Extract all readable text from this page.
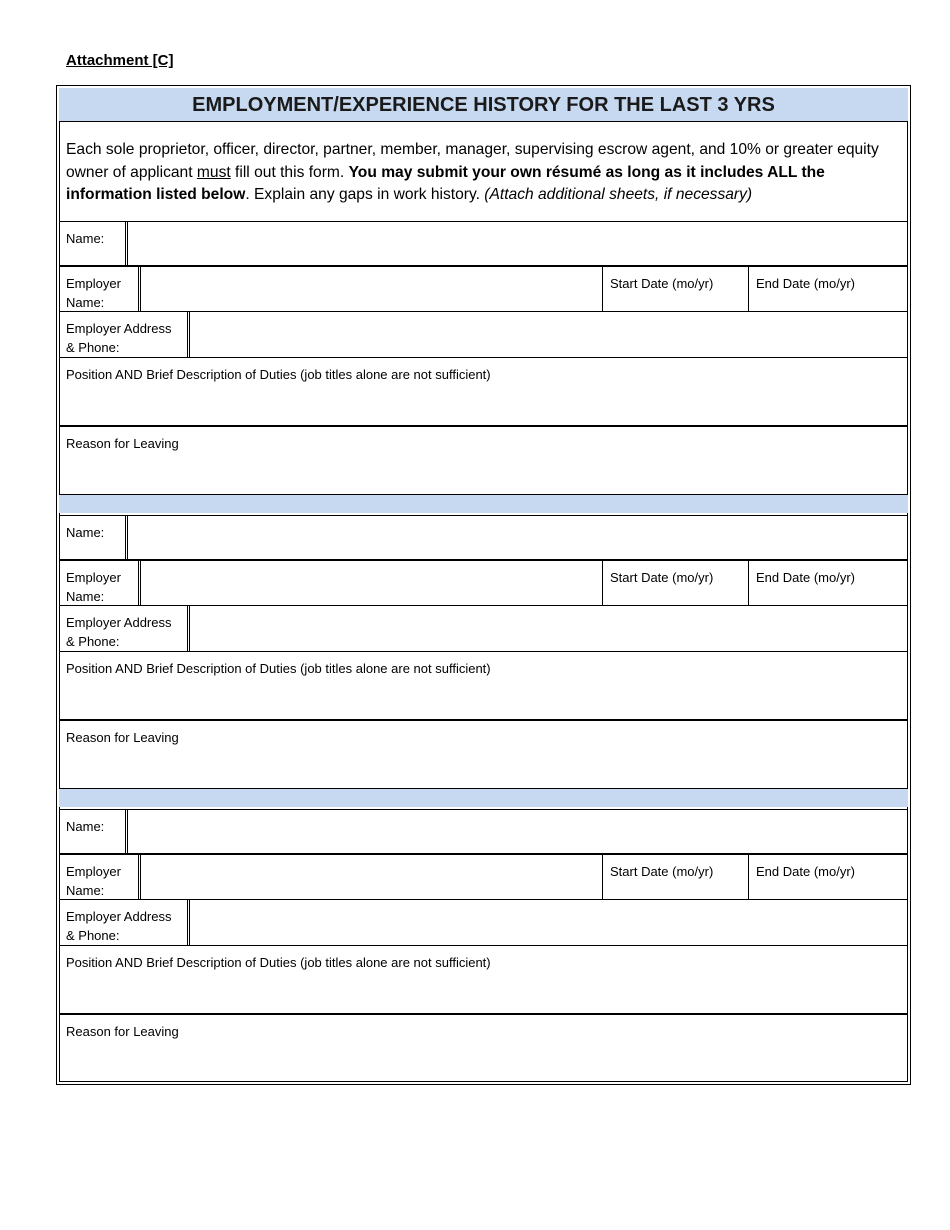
Attachment [C]
EMPLOYMENT/EXPERIENCE HISTORY FOR THE LAST 3 YRS
Each sole proprietor, officer, director, partner, member, manager, supervising escrow agent, and 10% or greater equity owner of applicant must fill out this form. You may submit your own résumé as long as it includes ALL the information listed below. Explain any gaps in work history. (Attach additional sheets, if necessary)
Name:
Employer
Name:
Start Date (mo/yr)	End Date (mo/yr)
Employer Address
& Phone:
Position AND Brief Description of Duties (job titles alone are not sufficient)
Reason for Leaving
Name:
Employer
Name:
Start Date (mo/yr)	End Date (mo/yr)
Employer Address
& Phone:
Position AND Brief Description of Duties (job titles alone are not sufficient)
Reason for Leaving
Name:
Employer
Name:
Start Date (mo/yr)	End Date (mo/yr)
Employer Address
& Phone:
Position AND Brief Description of Duties (job titles alone are not sufficient)
Reason for Leaving
